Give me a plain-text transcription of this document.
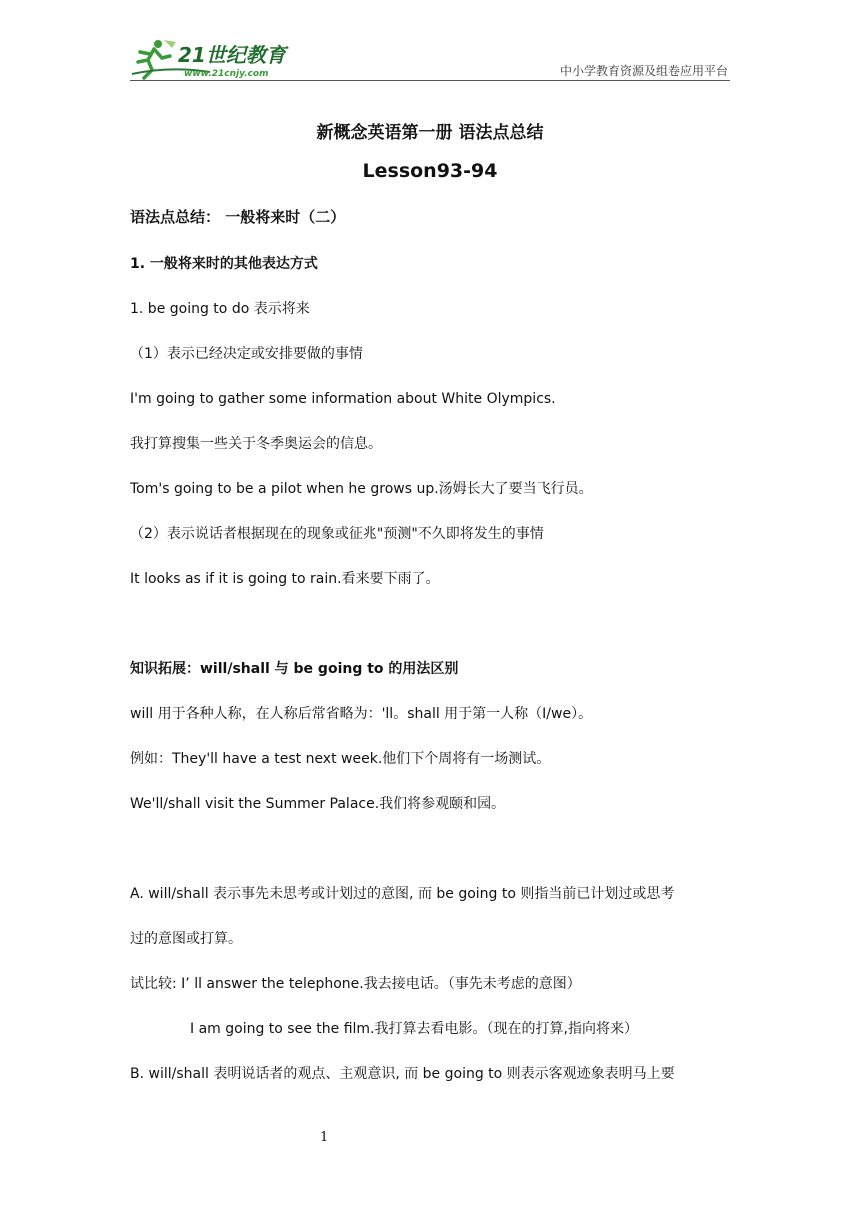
21世纪教育
www.21cnjy.com	中小学教育资源及组卷应用平台
新概念英语第一册 语法点总结
Lesson93-94
语法点总结： 一般将来时（二）
1. 一般将来时的其他表达方式
1. be going to do 表示将来
（1）表示已经决定或安排要做的事情
I'm going to gather some information about White Olympics.
我打算搜集一些关于冬季奥运会的信息。
Tom's going to be a pilot when he grows up.汤姆长大了要当飞行员。
（2）表示说话者根据现在的现象或征兆"预测"不久即将发生的事情
It looks as if it is going to rain.看来要下雨了。
知识拓展：will/shall 与 be going to 的用法区别
will 用于各种人称，在人称后常省略为：'ll。shall 用于第一人称（I/we）。
例如：They'll have a test next week.他们下个周将有一场测试。
We'll/shall visit the Summer Palace.我们将参观颐和园。
A. will/shall 表示事先未思考或计划过的意图, 而 be going to 则指当前已计划过或思考
过的意图或打算。
试比较: I’ ll answer the telephone.我去接电话。（事先未考虑的意图）
I am going to see the film.我打算去看电影。（现在的打算,指向将来）
B. will/shall 表明说话者的观点、主观意识, 而 be going to 则表示客观迹象表明马上要
1
